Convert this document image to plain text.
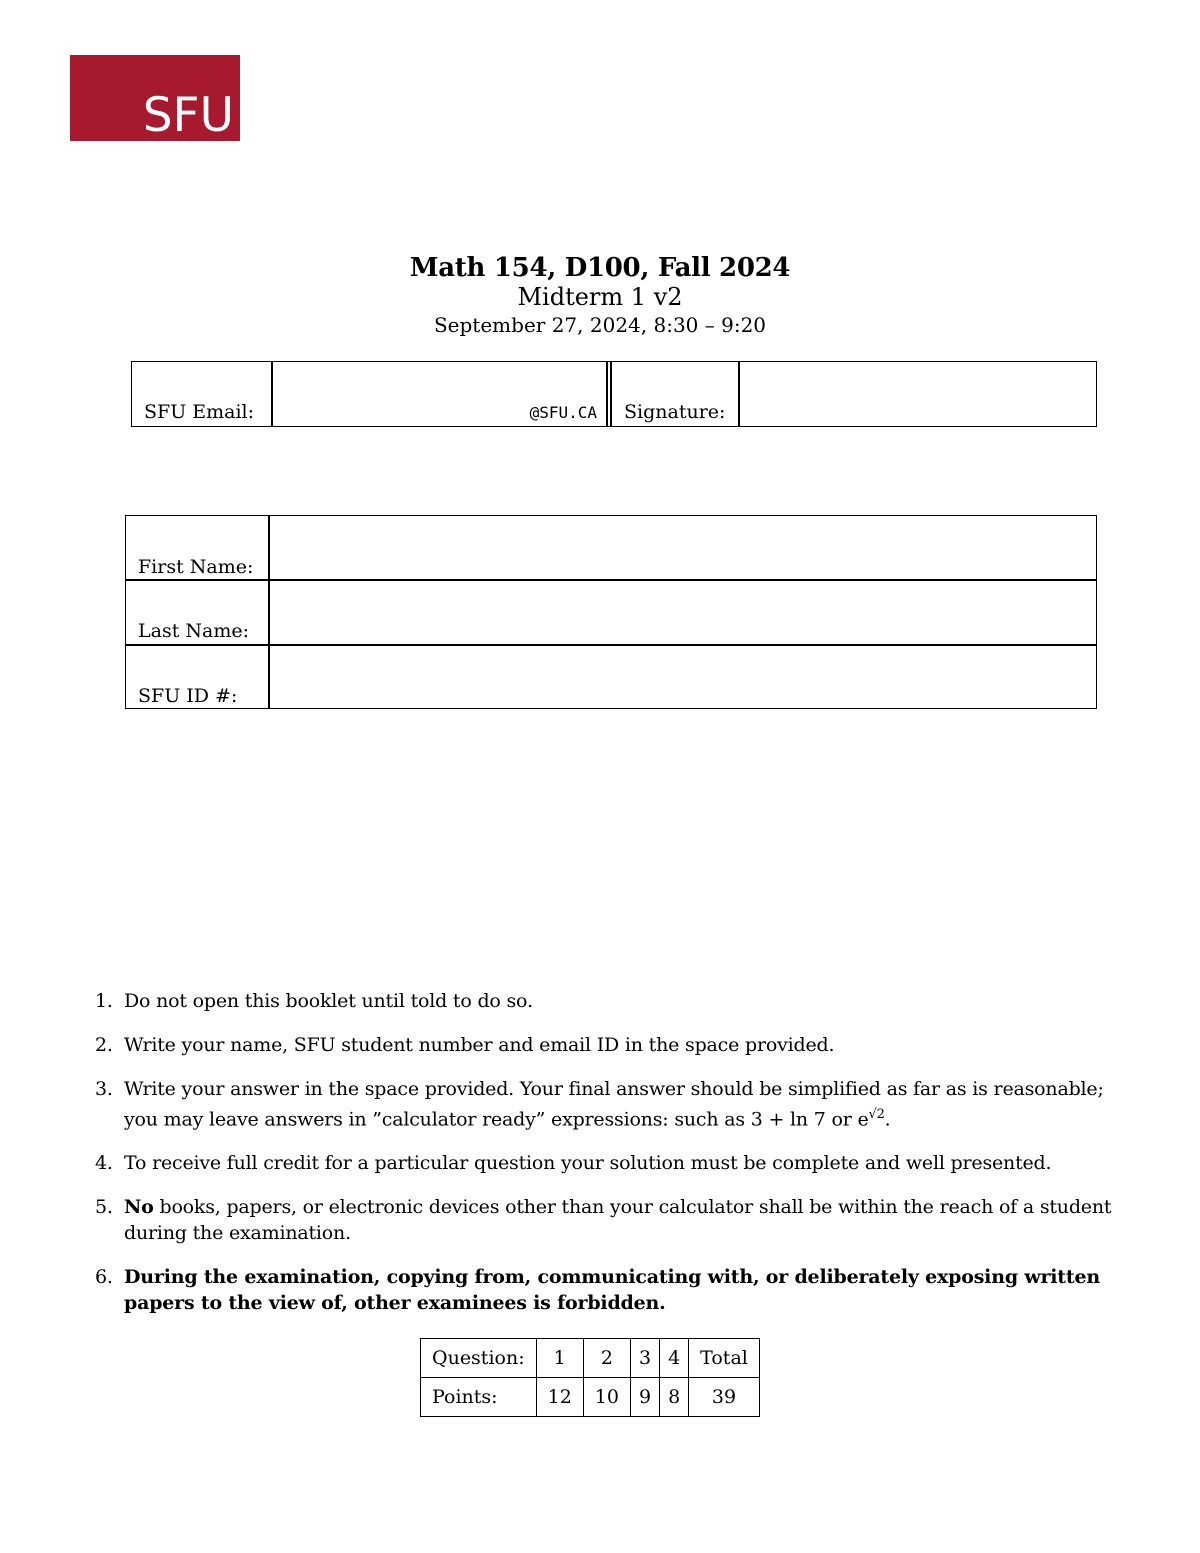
SFU
Math 154, D100, Fall 2024
Midterm 1 v2
September 27, 2024, 8:30 – 9:20
SFU Email:	@SFU.CA Signature:
First Name:
Last Name:
SFU ID #:
1. Do not open this booklet until told to do so.
2. Write your name, SFU student number and email ID in the space provided.
3. Write your answer in the space provided. Your final answer should be simplified as far as is reasonable; you may leave answers in ”calculator ready” expressions: such as 3 + ln 7 or $e^{√2}$.
4. To receive full credit for a particular question your solution must be complete and well presented.
5. No books, papers, or electronic devices other than your calculator shall be within the reach of a student during the examination.
6. During the examination, copying from, communicating with, or deliberately exposing written papers to the view of, other examinees is forbidden.
Question:	1	2	3	4	Total
Points:	12	10	9	8	39
